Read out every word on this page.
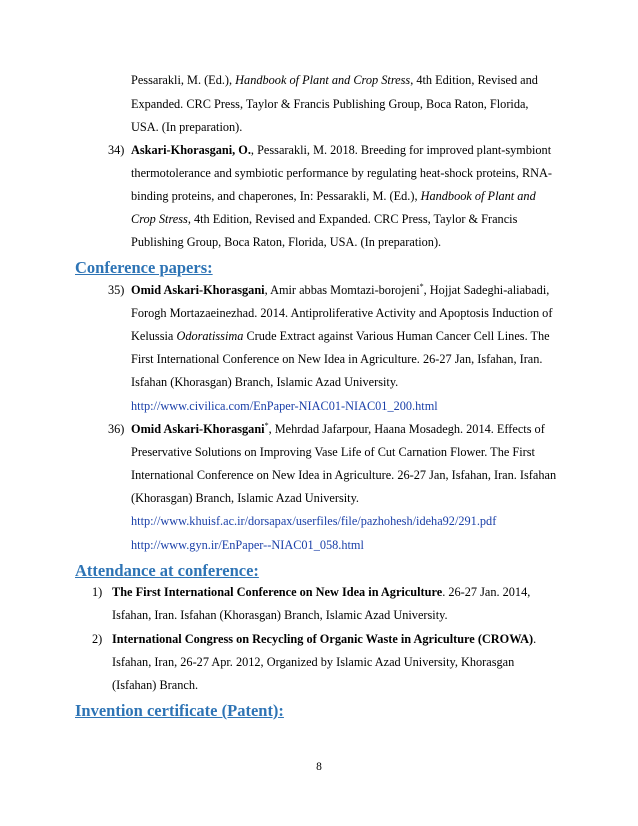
Pessarakli, M. (Ed.), Handbook of Plant and Crop Stress, 4th Edition, Revised and
Expanded. CRC Press, Taylor & Francis Publishing Group, Boca Raton, Florida,
USA. (In preparation).
34) Askari-Khorasgani, O., Pessarakli, M. 2018. Breeding for improved plant-symbiont
thermotolerance and symbiotic performance by regulating heat-shock proteins, RNA-
binding proteins, and chaperones, In: Pessarakli, M. (Ed.), Handbook of Plant and
Crop Stress, 4th Edition, Revised and Expanded. CRC Press, Taylor & Francis
Publishing Group, Boca Raton, Florida, USA. (In preparation).
Conference papers:
35) Omid Askari-Khorasgani, Amir abbas Momtazi-borojeni*, Hojjat Sadeghi-aliabadi,
Forogh Mortazaeinezhad. 2014. Antiproliferative Activity and Apoptosis Induction of
Kelussia Odoratissima Crude Extract against Various Human Cancer Cell Lines. The
First International Conference on New Idea in Agriculture. 26-27 Jan, Isfahan, Iran.
Isfahan (Khorasgan) Branch, Islamic Azad University.
http://www.civilica.com/EnPaper-NIAC01-NIAC01_200.html
36) Omid Askari-Khorasgani*, Mehrdad Jafarpour, Haana Mosadegh. 2014. Effects of
Preservative Solutions on Improving Vase Life of Cut Carnation Flower. The First
International Conference on New Idea in Agriculture. 26-27 Jan, Isfahan, Iran. Isfahan
(Khorasgan) Branch, Islamic Azad University.
http://www.khuisf.ac.ir/dorsapax/userfiles/file/pazhohesh/ideha92/291.pdf
http://www.gyn.ir/EnPaper--NIAC01_058.html
Attendance at conference:
1) The First International Conference on New Idea in Agriculture. 26-27 Jan. 2014,
Isfahan, Iran. Isfahan (Khorasgan) Branch, Islamic Azad University.
2) International Congress on Recycling of Organic Waste in Agriculture (CROWA).
Isfahan, Iran, 26-27 Apr. 2012, Organized by Islamic Azad University, Khorasgan
(Isfahan) Branch.
Invention certificate (Patent):
8
